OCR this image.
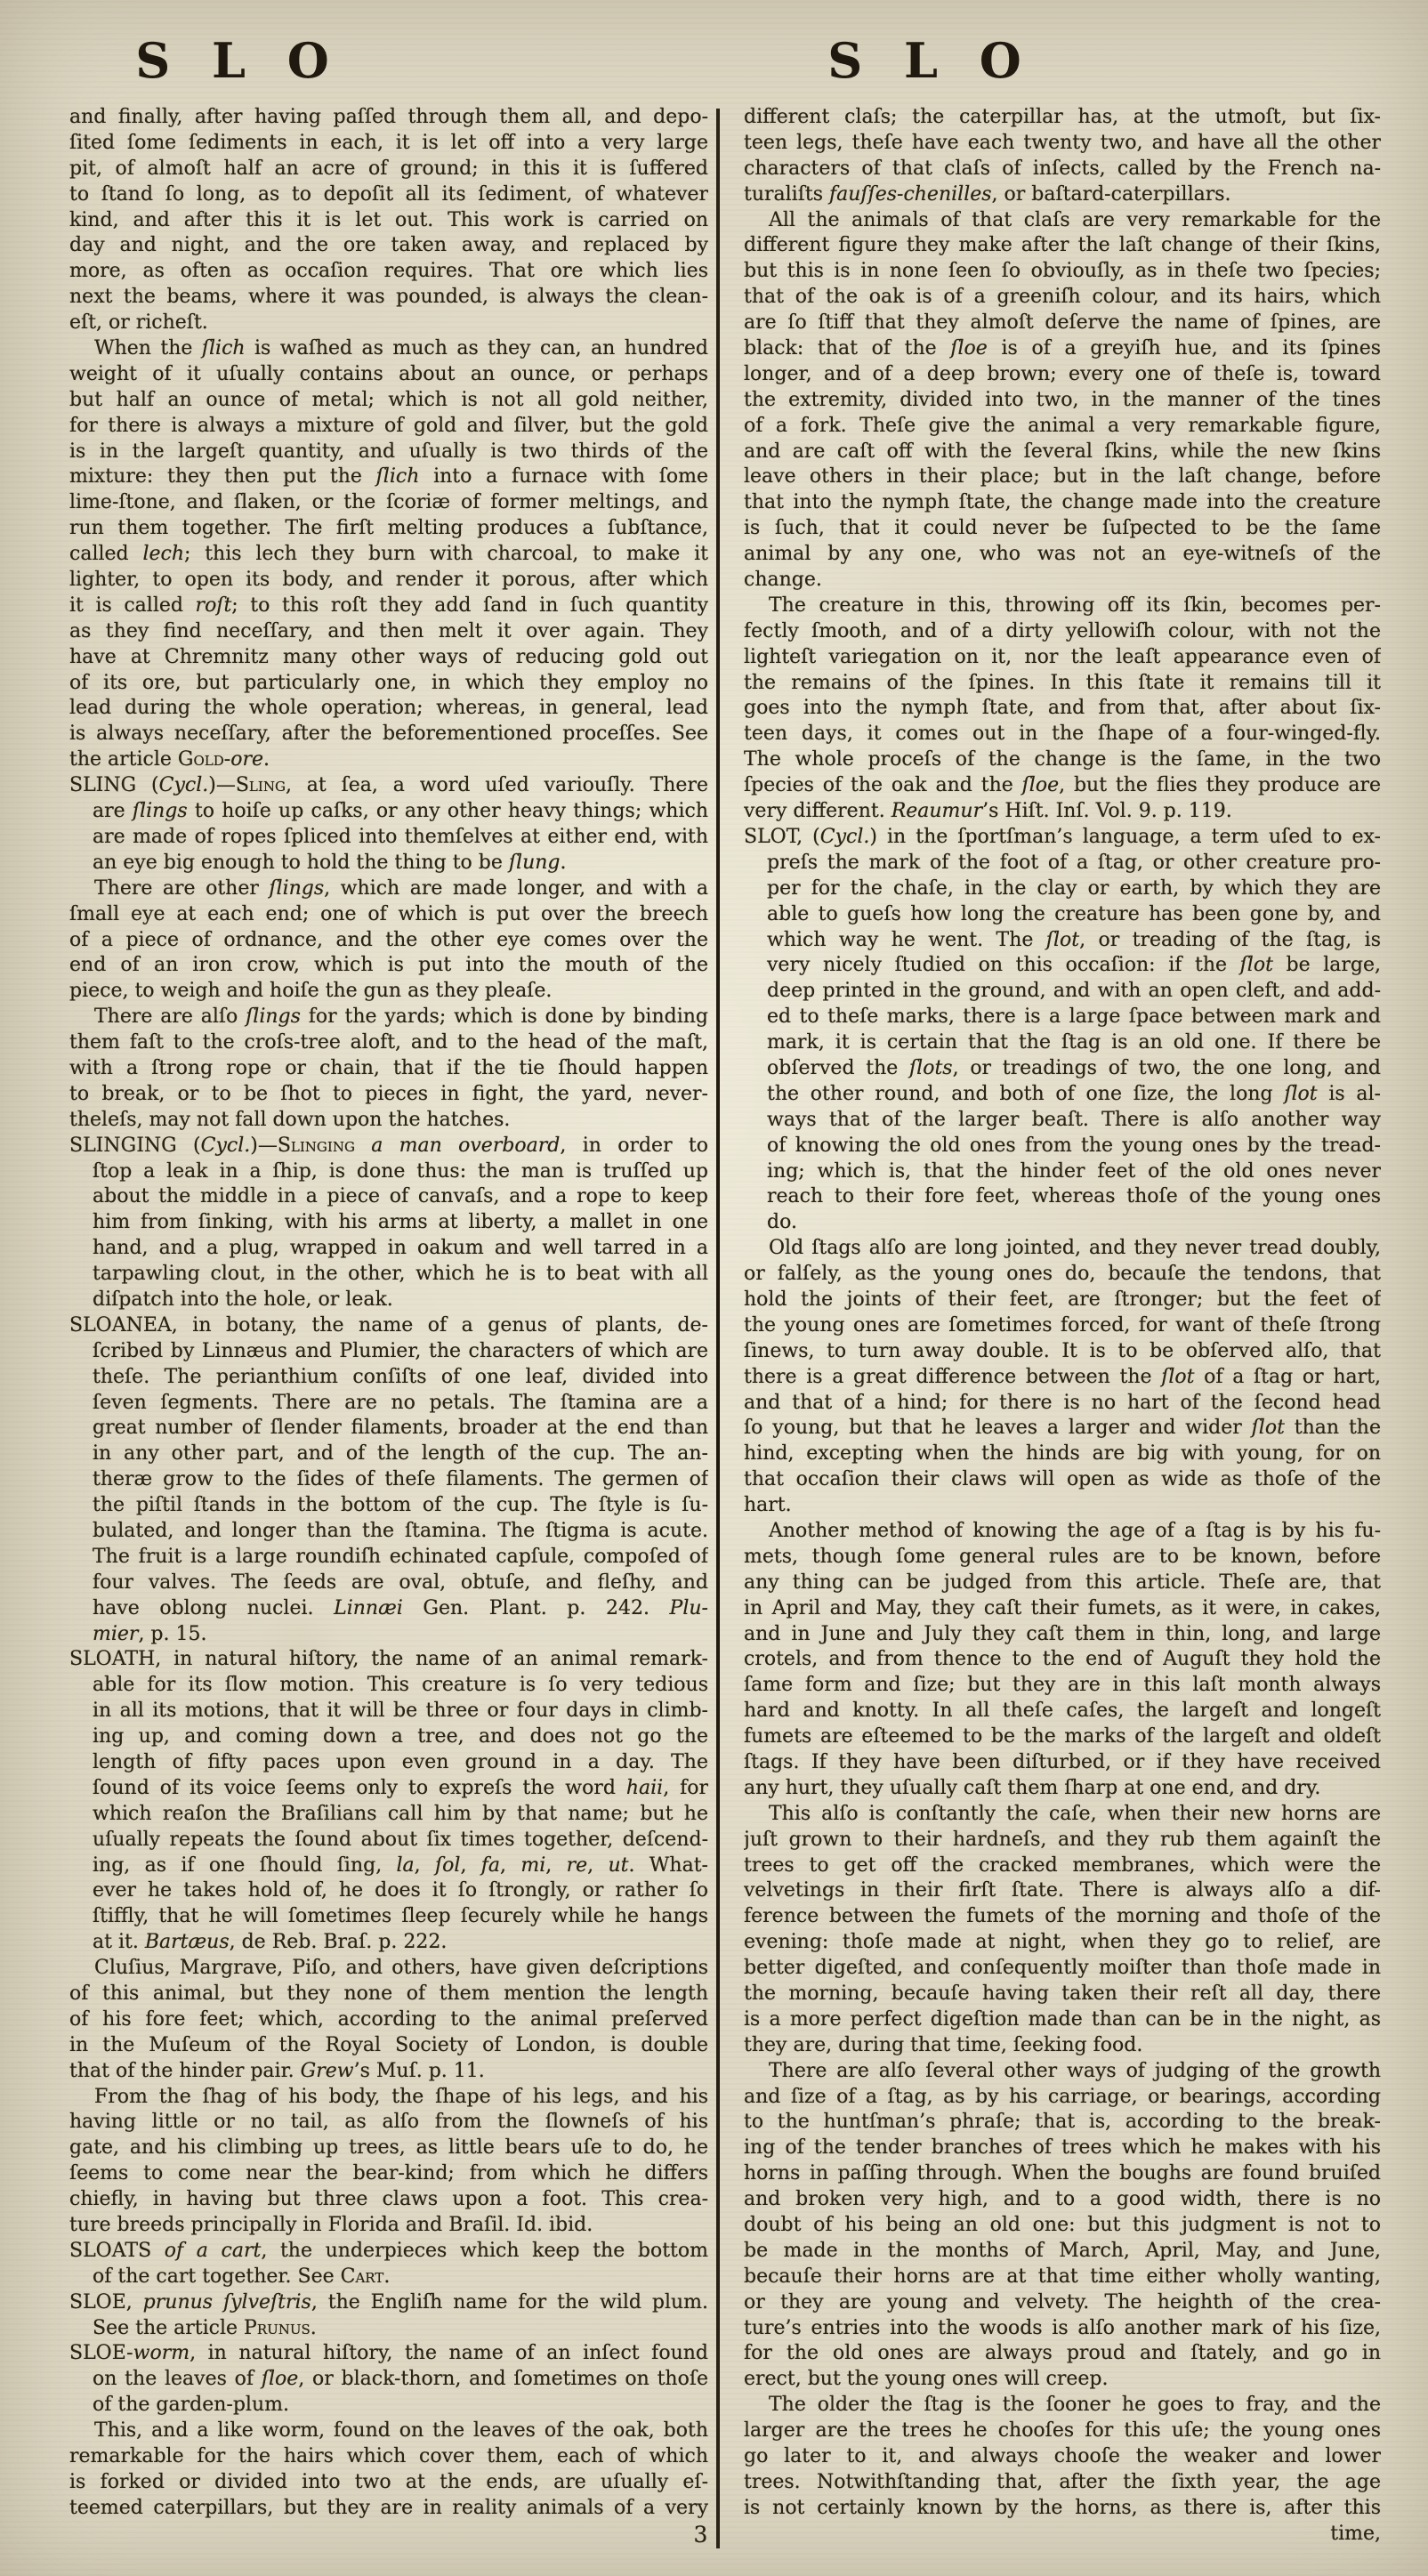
S L O	S L O
and finally, after having paſſed through them all, and depo-
ſited ſome ſediments in each, it is let off into a very large
pit, of almoſt half an acre of ground; in this it is ſuffered
to ſtand ſo long, as to depoſit all its ſediment, of whatever
kind, and after this it is let out. This work is carried on
day and night, and the ore taken away, and replaced by
more, as often as occaſion requires. That ore which lies
next the beams, where it was pounded, is always the clean-
eſt, or richeſt.
When the ſlich is waſhed as much as they can, an hundred
weight of it uſually contains about an ounce, or perhaps
but half an ounce of metal; which is not all gold neither,
for there is always a mixture of gold and ſilver, but the gold
is in the largeſt quantity, and uſually is two thirds of the
mixture: they then put the ſlich into a furnace with ſome
lime-ſtone, and ſlaken, or the ſcoriæ of former meltings, and
run them together. The firſt melting produces a ſubſtance,
called lech; this lech they burn with charcoal, to make it
lighter, to open its body, and render it porous, after which
it is called roſt; to this roſt they add ſand in ſuch quantity
as they find neceſſary, and then melt it over again. They
have at Chremnitz many other ways of reducing gold out
of its ore, but particularly one, in which they employ no
lead during the whole operation; whereas, in general, lead
is always neceſſary, after the beforementioned proceſſes. See
the article Gold-ore.
SLING (Cycl.)—Sling, at ſea, a word uſed variouſly. There
are ſlings to hoiſe up caſks, or any other heavy things; which
are made of ropes ſpliced into themſelves at either end, with
an eye big enough to hold the thing to be ſlung.
There are other ſlings, which are made longer, and with a
ſmall eye at each end; one of which is put over the breech
of a piece of ordnance, and the other eye comes over the
end of an iron crow, which is put into the mouth of the
piece, to weigh and hoiſe the gun as they pleaſe.
There are alſo ſlings for the yards; which is done by binding
them faſt to the croſs-tree aloft, and to the head of the maſt,
with a ſtrong rope or chain, that if the tie ſhould happen
to break, or to be ſhot to pieces in fight, the yard, never-
theleſs, may not fall down upon the hatches.
SLINGING (Cycl.)—Slinging a man overboard, in order to
ſtop a leak in a ſhip, is done thus: the man is truſſed up
about the middle in a piece of canvaſs, and a rope to keep
him from ſinking, with his arms at liberty, a mallet in one
hand, and a plug, wrapped in oakum and well tarred in a
tarpawling clout, in the other, which he is to beat with all
diſpatch into the hole, or leak.
SLOANEA, in botany, the name of a genus of plants, de-
ſcribed by Linnæus and Plumier, the characters of which are
theſe. The perianthium conſiſts of one leaf, divided into
ſeven ſegments. There are no petals. The ſtamina are a
great number of ſlender filaments, broader at the end than
in any other part, and of the length of the cup. The an-
theræ grow to the ſides of theſe filaments. The germen of
the piſtil ſtands in the bottom of the cup. The ſtyle is ſu-
bulated, and longer than the ſtamina. The ſtigma is acute.
The fruit is a large roundiſh echinated capſule, compoſed of
four valves. The ſeeds are oval, obtuſe, and fleſhy, and
have oblong nuclei. Linnæi Gen. Plant. p. 242. Plu-
mier, p. 15.
SLOATH, in natural hiſtory, the name of an animal remark-
able for its ſlow motion. This creature is ſo very tedious
in all its motions, that it will be three or four days in climb-
ing up, and coming down a tree, and does not go the
length of fifty paces upon even ground in a day. The
ſound of its voice ſeems only to expreſs the word haii, for
which reaſon the Braſilians call him by that name; but he
uſually repeats the ſound about ſix times together, deſcend-
ing, as if one ſhould ſing, la, ſol, fa, mi, re, ut. What-
ever he takes hold of, he does it ſo ſtrongly, or rather ſo
ſtiffly, that he will ſometimes ſleep ſecurely while he hangs
at it. Bartæus, de Reb. Braſ. p. 222.
Cluſius, Margrave, Piſo, and others, have given deſcriptions
of this animal, but they none of them mention the length
of his fore feet; which, according to the animal preſerved
in the Muſeum of the Royal Society of London, is double
that of the hinder pair. Grew’s Muſ. p. 11.
From the ſhag of his body, the ſhape of his legs, and his
having little or no tail, as alſo from the ſlowneſs of his
gate, and his climbing up trees, as little bears uſe to do, he
ſeems to come near the bear-kind; from which he differs
chiefly, in having but three claws upon a foot. This crea-
ture breeds principally in Florida and Braſil. Id. ibid.
SLOATS of a cart, the underpieces which keep the bottom
of the cart together. See Cart.
SLOE, prunus ſylveſtris, the Engliſh name for the wild plum.
See the article Prunus.
SLOE-worm, in natural hiſtory, the name of an inſect found
on the leaves of ſloe, or black-thorn, and ſometimes on thoſe
of the garden-plum.
This, and a like worm, found on the leaves of the oak, both
remarkable for the hairs which cover them, each of which
is forked or divided into two at the ends, are uſually eſ-
teemed caterpillars, but they are in reality animals of a very
different claſs; the caterpillar has, at the utmoſt, but ſix-
teen legs, theſe have each twenty two, and have all the other
characters of that claſs of inſects, called by the French na-
turaliſts fauſſes-chenilles, or baſtard-caterpillars.
All the animals of that claſs are very remarkable for the
different figure they make after the laſt change of their ſkins,
but this is in none ſeen ſo obviouſly, as in theſe two ſpecies;
that of the oak is of a greeniſh colour, and its hairs, which
are ſo ſtiff that they almoſt deſerve the name of ſpines, are
black: that of the ſloe is of a greyiſh hue, and its ſpines
longer, and of a deep brown; every one of theſe is, toward
the extremity, divided into two, in the manner of the tines
of a fork. Theſe give the animal a very remarkable figure,
and are caſt off with the ſeveral ſkins, while the new ſkins
leave others in their place; but in the laſt change, before
that into the nymph ſtate, the change made into the creature
is ſuch, that it could never be ſuſpected to be the ſame
animal by any one, who was not an eye-witneſs of the
change.
The creature in this, throwing off its ſkin, becomes per-
fectly ſmooth, and of a dirty yellowiſh colour, with not the
lighteſt variegation on it, nor the leaſt appearance even of
the remains of the ſpines. In this ſtate it remains till it
goes into the nymph ſtate, and from that, after about ſix-
teen days, it comes out in the ſhape of a four-winged-fly.
The whole proceſs of the change is the ſame, in the two
ſpecies of the oak and the ſloe, but the flies they produce are
very different. Reaumur’s Hiſt. Inſ. Vol. 9. p. 119.
SLOT, (Cycl.) in the ſportſman’s language, a term uſed to ex-
preſs the mark of the foot of a ſtag, or other creature pro-
per for the chaſe, in the clay or earth, by which they are
able to gueſs how long the creature has been gone by, and
which way he went. The ſlot, or treading of the ſtag, is
very nicely ſtudied on this occaſion: if the ſlot be large,
deep printed in the ground, and with an open cleft, and add-
ed to theſe marks, there is a large ſpace between mark and
mark, it is certain that the ſtag is an old one. If there be
obſerved the ſlots, or treadings of two, the one long, and
the other round, and both of one ſize, the long ſlot is al-
ways that of the larger beaſt. There is alſo another way
of knowing the old ones from the young ones by the tread-
ing; which is, that the hinder feet of the old ones never
reach to their fore feet, whereas thoſe of the young ones
do.
Old ſtags alſo are long jointed, and they never tread doubly,
or falſely, as the young ones do, becauſe the tendons, that
hold the joints of their feet, are ſtronger; but the feet of
the young ones are ſometimes forced, for want of theſe ſtrong
ſinews, to turn away double. It is to be obſerved alſo, that
there is a great difference between the ſlot of a ſtag or hart,
and that of a hind; for there is no hart of the ſecond head
ſo young, but that he leaves a larger and wider ſlot than the
hind, excepting when the hinds are big with young, for on
that occaſion their claws will open as wide as thoſe of the
hart.
Another method of knowing the age of a ſtag is by his fu-
mets, though ſome general rules are to be known, before
any thing can be judged from this article. Theſe are, that
in April and May, they caſt their fumets, as it were, in cakes,
and in June and July they caſt them in thin, long, and large
crotels, and from thence to the end of Auguſt they hold the
ſame form and ſize; but they are in this laſt month always
hard and knotty. In all theſe caſes, the largeſt and longeſt
fumets are eſteemed to be the marks of the largeſt and oldeſt
ſtags. If they have been diſturbed, or if they have received
any hurt, they uſually caſt them ſharp at one end, and dry.
This alſo is conſtantly the caſe, when their new horns are
juſt grown to their hardneſs, and they rub them againſt the
trees to get off the cracked membranes, which were the
velvetings in their firſt ſtate. There is always alſo a dif-
ference between the fumets of the morning and thoſe of the
evening: thoſe made at night, when they go to relief, are
better digeſted, and conſequently moiſter than thoſe made in
the morning, becauſe having taken their reſt all day, there
is a more perfect digeſtion made than can be in the night, as
they are, during that time, ſeeking food.
There are alſo ſeveral other ways of judging of the growth
and ſize of a ſtag, as by his carriage, or bearings, according
to the huntſman’s phraſe; that is, according to the break-
ing of the tender branches of trees which he makes with his
horns in paſſing through. When the boughs are found bruiſed
and broken very high, and to a good width, there is no
doubt of his being an old one: but this judgment is not to
be made in the months of March, April, May, and June,
becauſe their horns are at that time either wholly wanting,
or they are young and velvety. The heighth of the crea-
ture’s entries into the woods is alſo another mark of his ſize,
for the old ones are always proud and ſtately, and go in
erect, but the young ones will creep.
The older the ſtag is the ſooner he goes to fray, and the
larger are the trees he chooſes for this uſe; the young ones
go later to it, and always chooſe the weaker and lower
trees. Notwithſtanding that, after the ſixth year, the age
is not certainly known by the horns, as there is, after this
time,
3
